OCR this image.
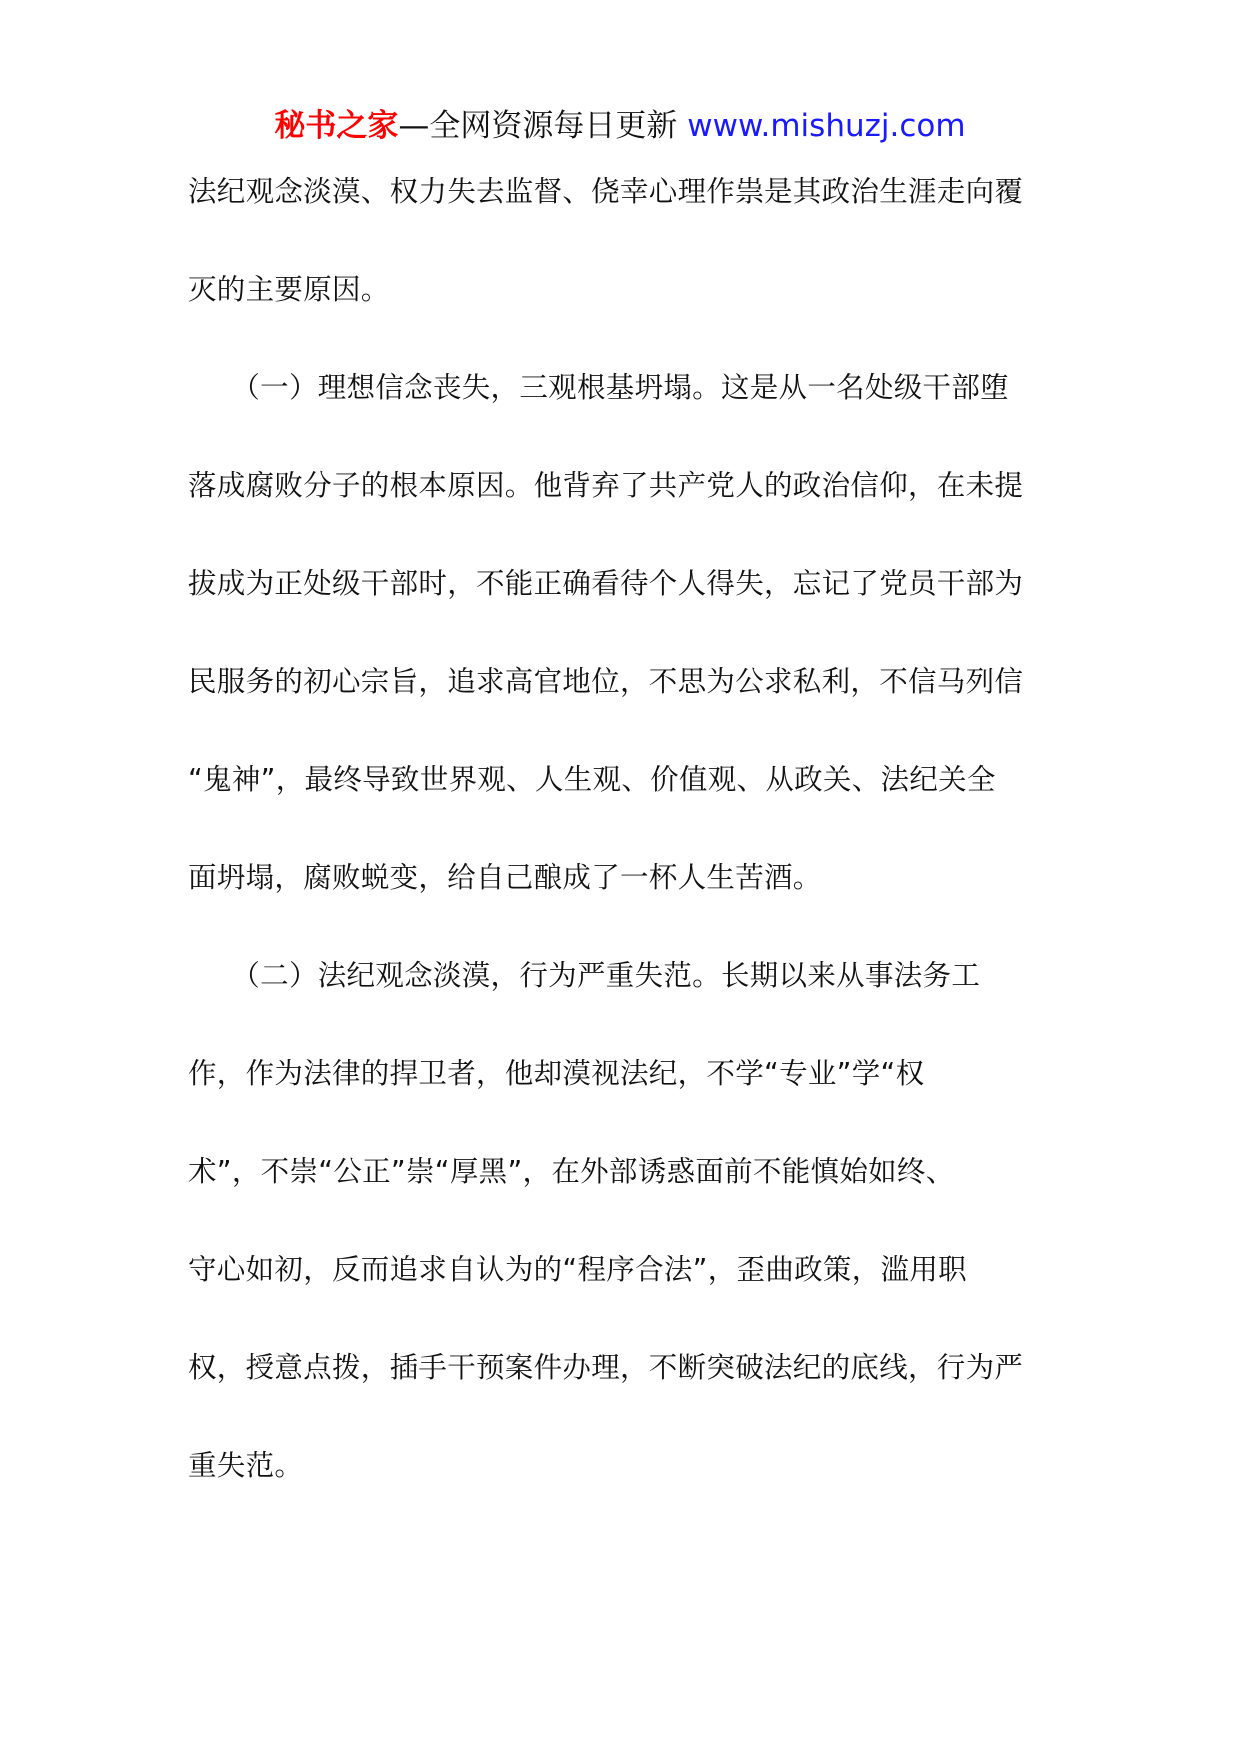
秘书之家—全网资源每日更新 www.mishuzj.com
法纪观念淡漠、权力失去监督、侥幸心理作祟是其政治生涯走向覆
灭的主要原因。
　　（一）理想信念丧失，三观根基坍塌。这是从一名处级干部堕
落成腐败分子的根本原因。他背弃了共产党人的政治信仰，在未提
拔成为正处级干部时，不能正确看待个人得失，忘记了党员干部为
民服务的初心宗旨，追求高官地位，不思为公求私利，不信马列信
“鬼神”，最终导致世界观、人生观、价值观、从政关、法纪关全
面坍塌，腐败蜕变，给自己酿成了一杯人生苦酒。
　　（二）法纪观念淡漠，行为严重失范。长期以来从事法务工
作，作为法律的捍卫者，他却漠视法纪，不学“专业”学“权
术”，不崇“公正”崇“厚黑”，在外部诱惑面前不能慎始如终、
守心如初，反而追求自认为的“程序合法”，歪曲政策，滥用职
权，授意点拨，插手干预案件办理，不断突破法纪的底线，行为严
重失范。
